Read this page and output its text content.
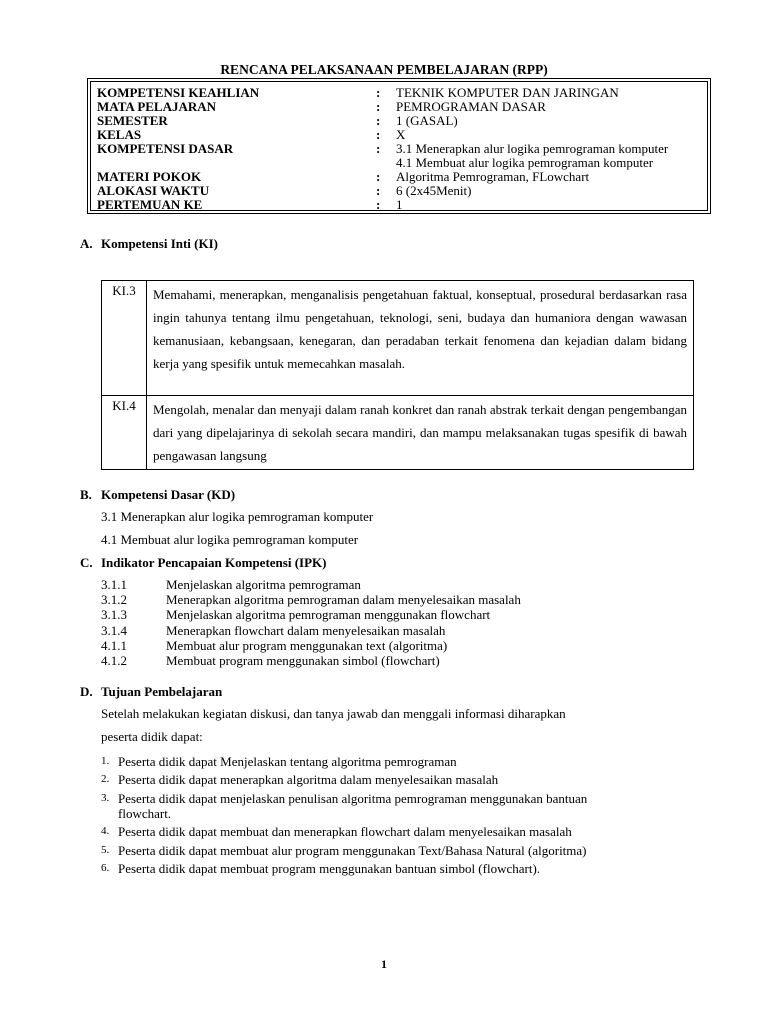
RENCANA PELAKSANAAN PEMBELAJARAN (RPP)
KOMPETENSI KEAHLIAN	: TEKNIK KOMPUTER DAN JARINGAN
MATA PELAJARAN	: PEMROGRAMAN DASAR
SEMESTER	: 1 (GASAL)
KELAS	: X
KOMPETENSI DASAR	: 3.1 Menerapkan alur logika pemrograman komputer
4.1 Membuat alur logika pemrograman komputer
MATERI POKOK	: Algoritma Pemrograman, FLowchart
ALOKASI WAKTU	: 6 (2x45Menit)
PERTEMUAN KE	: 1
A. Kompetensi Inti (KI)
KI.3	Memahami, menerapkan, menganalisis pengetahuan faktual, konseptual, prosedural berdasarkan rasa ingin tahunya tentang ilmu pengetahuan, teknologi, seni, budaya dan humaniora dengan wawasan kemanusiaan, kebangsaan, kenegaran, dan peradaban terkait fenomena dan kejadian dalam bidang kerja yang spesifik untuk memecahkan masalah.
KI.4	Mengolah, menalar dan menyaji dalam ranah konkret dan ranah abstrak terkait dengan pengembangan dari yang dipelajarinya di sekolah secara mandiri, dan mampu melaksanakan tugas spesifik di bawah pengawasan langsung
B. Kompetensi Dasar (KD)
3.1 Menerapkan alur logika pemrograman komputer
4.1 Membuat alur logika pemrograman komputer
C. Indikator Pencapaian Kompetensi (IPK)
3.1.1	Menjelaskan algoritma pemrograman
3.1.2	Menerapkan algoritma pemrograman dalam menyelesaikan masalah
3.1.3	Menjelaskan algoritma pemrograman menggunakan flowchart
3.1.4	Menerapkan flowchart dalam menyelesaikan masalah
4.1.1	Membuat alur program menggunakan text (algoritma)
4.1.2	Membuat program menggunakan simbol (flowchart)
D. Tujuan Pembelajaran
Setelah melakukan kegiatan diskusi, dan tanya jawab dan menggali informasi diharapkan
peserta didik dapat:
1. Peserta didik dapat Menjelaskan tentang algoritma pemrograman
2. Peserta didik dapat menerapkan algoritma dalam menyelesaikan masalah
3. Peserta didik dapat menjelaskan penulisan algoritma pemrograman menggunakan bantuan
flowchart.
4. Peserta didik dapat membuat dan menerapkan flowchart dalam menyelesaikan masalah
5. Peserta didik dapat membuat alur program menggunakan Text/Bahasa Natural (algoritma)
6. Peserta didik dapat membuat program menggunakan bantuan simbol (flowchart).
1
